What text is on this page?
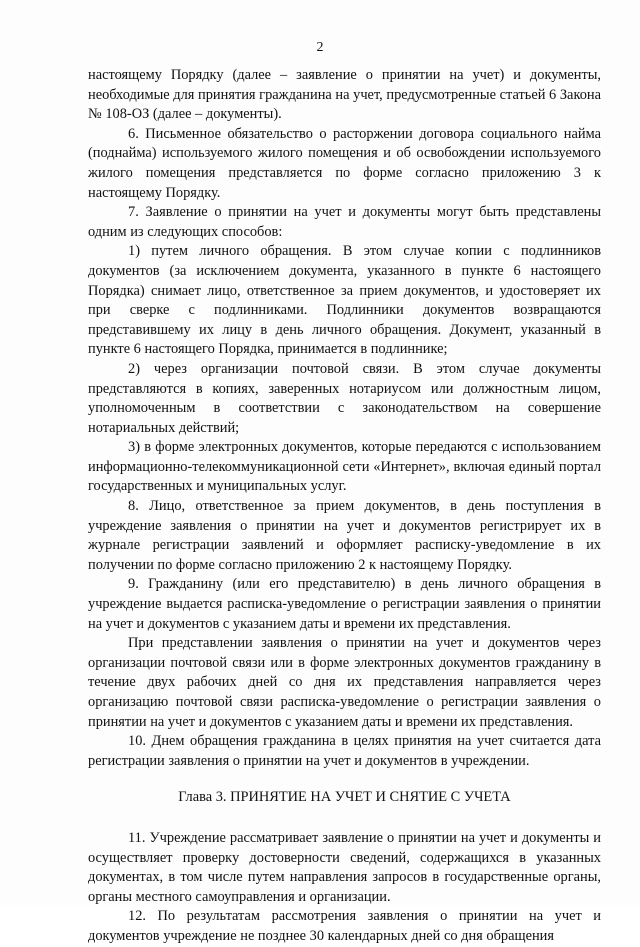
2

настоящему Порядку (далее – заявление о принятии на учет) и документы, необходимые для принятия гражданина на учет, предусмотренные статьей 6 Закона № 108-ОЗ (далее – документы).

6. Письменное обязательство о расторжении договора социального найма (поднайма) используемого жилого помещения и об освобождении используемого жилого помещения представляется по форме согласно приложению 3 к настоящему Порядку.

7. Заявление о принятии на учет и документы могут быть представлены одним из следующих способов:

1) путем личного обращения. В этом случае копии с подлинников документов (за исключением документа, указанного в пункте 6 настоящего Порядка) снимает лицо, ответственное за прием документов, и удостоверяет их при сверке с подлинниками. Подлинники документов возвращаются представившему их лицу в день личного обращения. Документ, указанный в пункте 6 настоящего Порядка, принимается в подлиннике;

2) через организации почтовой связи. В этом случае документы представляются в копиях, заверенных нотариусом или должностным лицом, уполномоченным в соответствии с законодательством на совершение нотариальных действий;

3) в форме электронных документов, которые передаются с использованием информационно-телекоммуникационной сети «Интернет», включая единый портал государственных и муниципальных услуг.

8. Лицо, ответственное за прием документов, в день поступления в учреждение заявления о принятии на учет и документов регистрирует их в журнале регистрации заявлений и оформляет расписку-уведомление в их получении по форме согласно приложению 2 к настоящему Порядку.

9. Гражданину (или его представителю) в день личного обращения в учреждение выдается расписка-уведомление о регистрации заявления о принятии на учет и документов с указанием даты и времени их представления.

При представлении заявления о принятии на учет и документов через организации почтовой связи или в форме электронных документов гражданину в течение двух рабочих дней со дня их представления направляется через организацию почтовой связи расписка-уведомление о регистрации заявления о принятии на учет и документов с указанием даты и времени их представления.

10. Днем обращения гражданина в целях принятия на учет считается дата регистрации заявления о принятии на учет и документов в учреждении.

Глава 3. ПРИНЯТИЕ НА УЧЕТ И СНЯТИЕ С УЧЕТА

11. Учреждение рассматривает заявление о принятии на учет и документы и осуществляет проверку достоверности сведений, содержащихся в указанных документах, в том числе путем направления запросов в государственные органы, органы местного самоуправления и организации.

12. По результатам рассмотрения заявления о принятии на учет и документов учреждение не позднее 30 календарных дней со дня обращения
